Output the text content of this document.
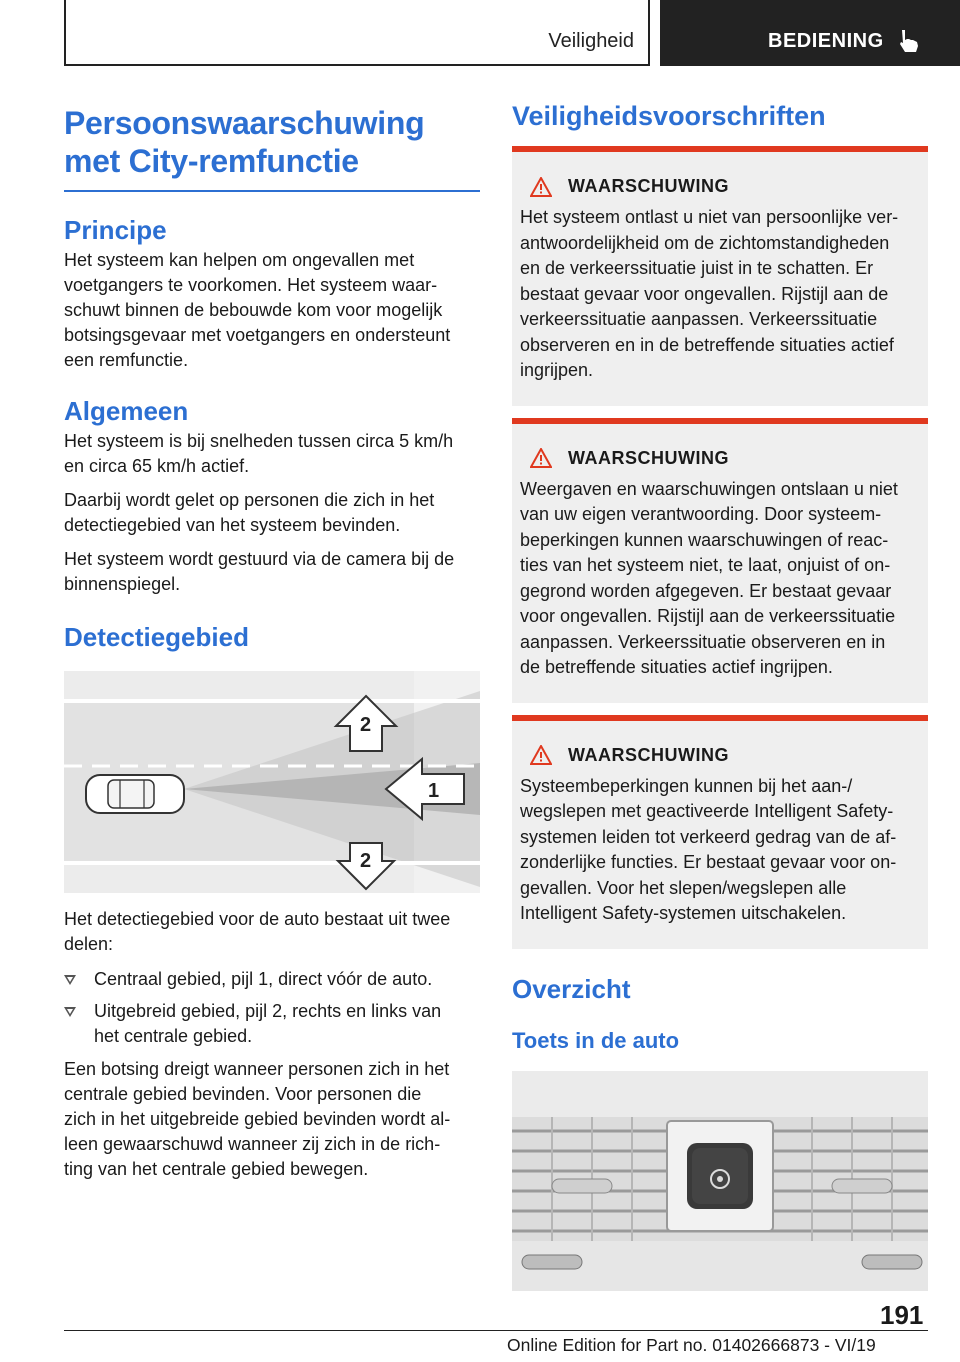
Veiligheid	BEDIENING
Persoonswaarschuwing
met City-remfunctie
Principe
Het systeem kan helpen om ongevallen met
voetgangers te voorkomen. Het systeem waar-
schuwt binnen de bebouwde kom voor mogelijk
botsingsgevaar met voetgangers en ondersteunt
een remfunctie.
Algemeen
Het systeem is bij snelheden tussen circa 5 km/h
en circa 65 km/h actief.
Daarbij wordt gelet op personen die zich in het
detectiegebied van het systeem bevinden.
Het systeem wordt gestuurd via de camera bij de
binnenspiegel.
Detectiegebied
2
1
2
Het detectiegebied voor de auto bestaat uit twee
delen:
Centraal gebied, pijl 1, direct vóór de auto.
Uitgebreid gebied, pijl 2, rechts en links van
het centrale gebied.
Een botsing dreigt wanneer personen zich in het
centrale gebied bevinden. Voor personen die
zich in het uitgebreide gebied bevinden wordt al-
leen gewaarschuwd wanneer zij zich in de rich-
ting van het centrale gebied bewegen.
Veiligheidsvoorschriften
WAARSCHUWING
Het systeem ontlast u niet van persoonlijke ver-
antwoordelijkheid om de zichtomstandigheden
en de verkeerssituatie juist in te schatten. Er
bestaat gevaar voor ongevallen. Rijstijl aan de
verkeerssituatie aanpassen. Verkeerssituatie
observeren en in de betreffende situaties actief
ingrijpen.
WAARSCHUWING
Weergaven en waarschuwingen ontslaan u niet
van uw eigen verantwoording. Door systeem-
beperkingen kunnen waarschuwingen of reac-
ties van het systeem niet, te laat, onjuist of on-
gegrond worden afgegeven. Er bestaat gevaar
voor ongevallen. Rijstijl aan de verkeerssituatie
aanpassen. Verkeerssituatie observeren en in
de betreffende situaties actief ingrijpen.
WAARSCHUWING
Systeembeperkingen kunnen bij het aan-/
wegslepen met geactiveerde Intelligent Safety-
systemen leiden tot verkeerd gedrag van de af-
zonderlijke functies. Er bestaat gevaar voor on-
gevallen. Voor het slepen/wegslepen alle
Intelligent Safety-systemen uitschakelen.
Overzicht
Toets in de auto
191
Online Edition for Part no. 01402666873 - VI/19
